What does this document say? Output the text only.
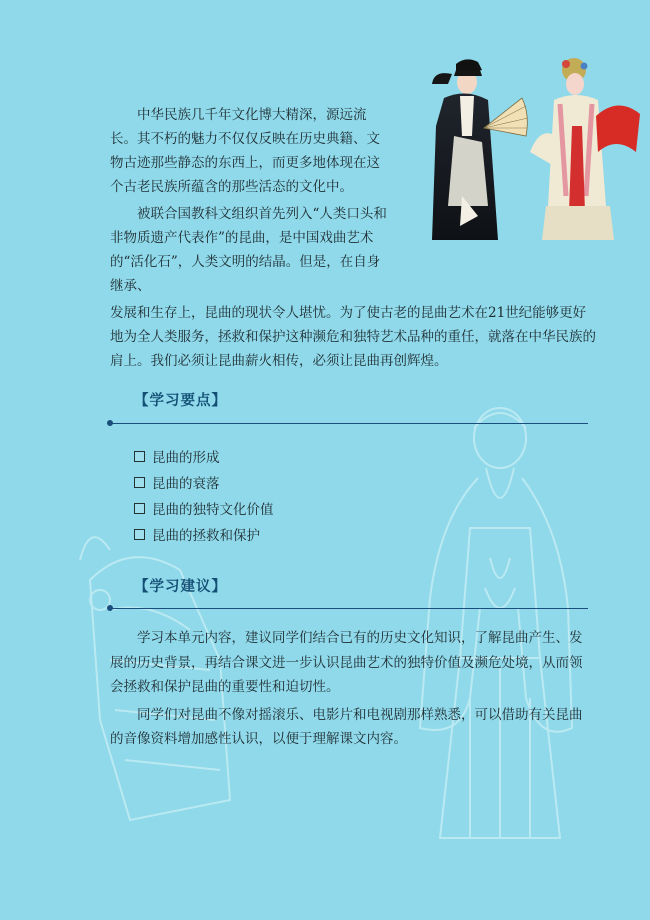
中华民族几千年文化博大精深，源远流长。其不朽的魅力不仅仅反映在历史典籍、文物古迹那些静态的东西上，而更多地体现在这个古老民族所蕴含的那些活态的文化中。

被联合国教科文组织首先列入“人类口头和非物质遗产代表作”的昆曲，是中国戏曲艺术的“活化石”，人类文明的结晶。但是，在自身继承、

发展和生存上，昆曲的现状令人堪忧。为了使古老的昆曲艺术在21世纪能够更好地为全人类服务，拯救和保护这种濒危和独特艺术品种的重任，就落在中华民族的肩上。我们必须让昆曲薪火相传，必须让昆曲再创辉煌。

【学习要点】
昆曲的形成
昆曲的衰落
昆曲的独特文化价值
昆曲的拯救和保护
【学习建议】

学习本单元内容，建议同学们结合已有的历史文化知识，了解昆曲产生、发展的历史背景，再结合课文进一步认识昆曲艺术的独特价值及濒危处境，从而领会拯救和保护昆曲的重要性和迫切性。

同学们对昆曲不像对摇滚乐、电影片和电视剧那样熟悉，可以借助有关昆曲的音像资料增加感性认识，以便于理解课文内容。
